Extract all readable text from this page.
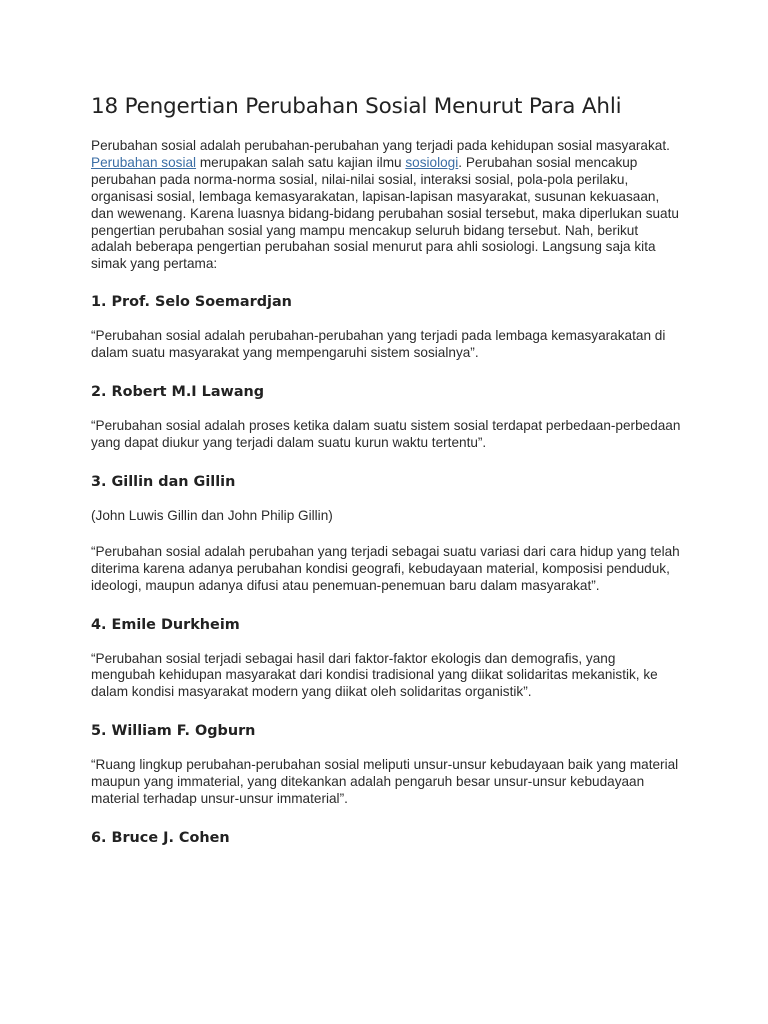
18 Pengertian Perubahan Sosial Menurut Para Ahli

Perubahan sosial adalah perubahan-perubahan yang terjadi pada kehidupan sosial masyarakat. Perubahan sosial merupakan salah satu kajian ilmu sosiologi. Perubahan sosial mencakup perubahan pada norma-norma sosial, nilai-nilai sosial, interaksi sosial, pola-pola perilaku, organisasi sosial, lembaga kemasyarakatan, lapisan-lapisan masyarakat, susunan kekuasaan, dan wewenang. Karena luasnya bidang-bidang perubahan sosial tersebut, maka diperlukan suatu pengertian perubahan sosial yang mampu mencakup seluruh bidang tersebut. Nah, berikut adalah beberapa pengertian perubahan sosial menurut para ahli sosiologi. Langsung saja kita simak yang pertama:

1. Prof. Selo Soemardjan

“Perubahan sosial adalah perubahan-perubahan yang terjadi pada lembaga kemasyarakatan di dalam suatu masyarakat yang mempengaruhi sistem sosialnya”.

2. Robert M.I Lawang

“Perubahan sosial adalah proses ketika dalam suatu sistem sosial terdapat perbedaan-perbedaan yang dapat diukur yang terjadi dalam suatu kurun waktu tertentu”.

3. Gillin dan Gillin

(John Luwis Gillin dan John Philip Gillin)

“Perubahan sosial adalah perubahan yang terjadi sebagai suatu variasi dari cara hidup yang telah diterima karena adanya perubahan kondisi geografi, kebudayaan material, komposisi penduduk, ideologi, maupun adanya difusi atau penemuan-penemuan baru dalam masyarakat”.

4. Emile Durkheim

“Perubahan sosial terjadi sebagai hasil dari faktor-faktor ekologis dan demografis, yang mengubah kehidupan masyarakat dari kondisi tradisional yang diikat solidaritas mekanistik, ke dalam kondisi masyarakat modern yang diikat oleh solidaritas organistik”.

5. William F. Ogburn

“Ruang lingkup perubahan-perubahan sosial meliputi unsur-unsur kebudayaan baik yang material maupun yang immaterial, yang ditekankan adalah pengaruh besar unsur-unsur kebudayaan material terhadap unsur-unsur immaterial”.

6. Bruce J. Cohen
